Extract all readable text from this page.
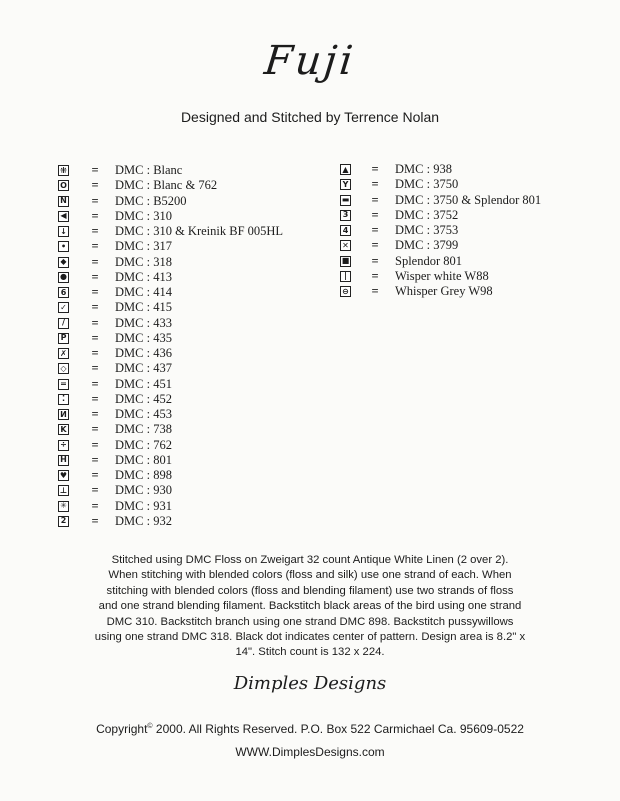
Fuji
Designed and Stitched by Terrence Nolan
⁜	=	DMC : Blanc
O	=	DMC : Blanc & 762
N	=	DMC : B5200
◀	=	DMC : 310
↓	=	DMC : 310 & Kreinik BF 005HL
•	=	DMC : 317
◆	=	DMC : 318
●	=	DMC : 413
6	=	DMC : 414
✓	=	DMC : 415
/	=	DMC : 433
P	=	DMC : 435
✗	=	DMC : 436
◇	=	DMC : 437
=	=	DMC : 451
⁚	=	DMC : 452
И	=	DMC : 453
K	=	DMC : 738
÷	=	DMC : 762
H	=	DMC : 801
♥	=	DMC : 898
⊥	=	DMC : 930
✳	=	DMC : 931
2	=	DMC : 932
▲	=	DMC : 938
Y	=	DMC : 3750
▬	=	DMC : 3750 & Splendor 801
3	=	DMC : 3752
4	=	DMC : 3753
✕	=	DMC : 3799
■	=	Splendor 801
|	=	Wisper white W88
⊖	=	Whisper Grey W98
Stitched using DMC Floss on Zweigart 32 count Antique White Linen (2 over 2).
When stitching with blended colors (floss and silk) use one strand of each. When
stitching with blended colors (floss and blending filament) use two strands of floss
and one strand blending filament. Backstitch black areas of the bird using one strand
DMC 310. Backstitch branch using one strand DMC 898. Backstitch pussywillows
using one strand DMC 318. Black dot indicates center of pattern. Design area is 8.2" x
14". Stitch count is 132 x 224.
Dimples Designs
Copyright© 2000. All Rights Reserved. P.O. Box 522 Carmichael Ca. 95609-0522
WWW.DimplesDesigns.com
